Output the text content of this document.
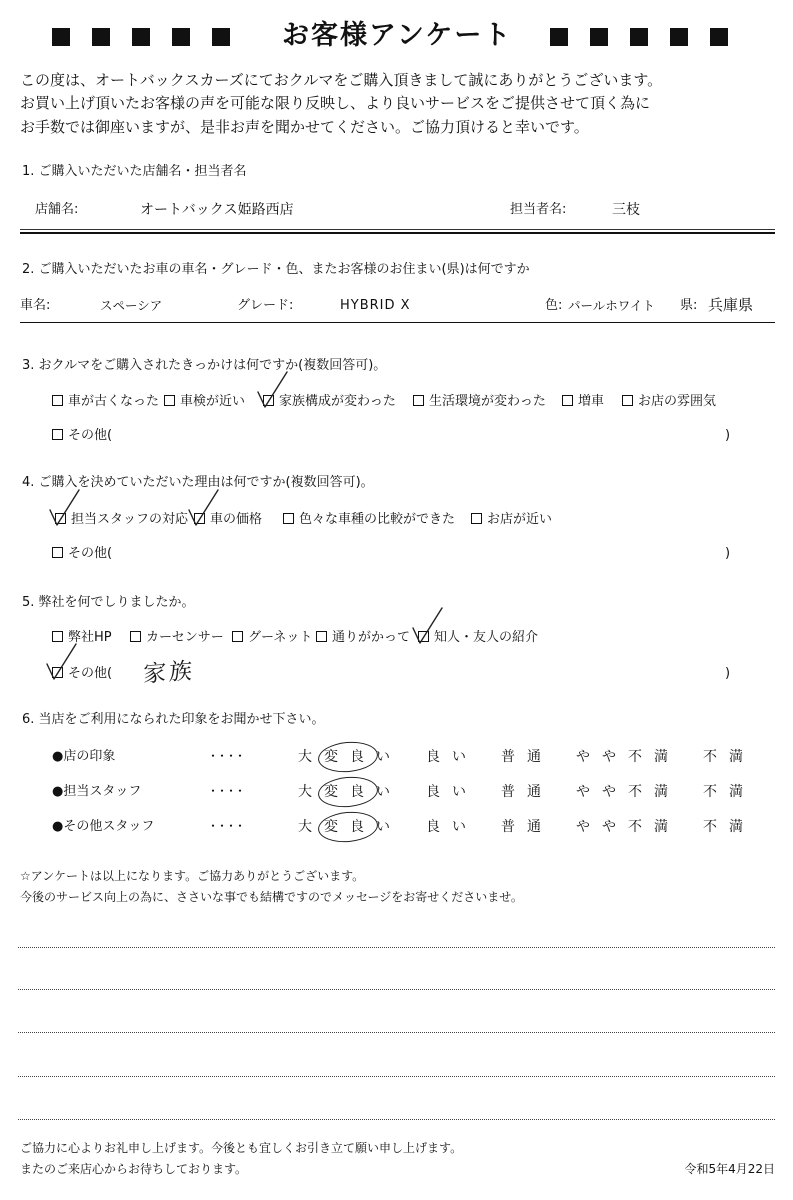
お客様アンケート
この度は、オートバックスカーズにておクルマをご購入頂きまして誠にありがとうございます。
お買い上げ頂いたお客様の声を可能な限り反映し、より良いサービスをご提供させて頂く為に
お手数では御座いますが、是非お声を聞かせてください。ご協力頂けると幸いです。
1. ご購入いただいた店舗名・担当者名
店舗名:	オートバックス姫路西店	担当者名:	三枝
2. ご購入いただいたお車の車名・グレード・色、またお客様のお住まい(県)は何ですか
車名:	スペーシア	グレード:	HYBRID X	色: パールホワイト 県: 兵庫県
3. おクルマをご購入されたきっかけは何ですか(複数回答可)。
車が古くなった	車検が近い	家族構成が変わった	生活環境が変わった	増車	お店の雰囲気
その他(	)
4. ご購入を決めていただいた理由は何ですか(複数回答可)。
担当スタッフの対応	車の価格	色々な車種の比較ができた	お店が近い
その他(	)
5. 弊社を何でしりましたか。
弊社HP	カーセンサー	グーネット	通りがかって	知人・友人の紹介
その他( 家族	)
6. 当店をご利用になられた印象をお聞かせ下さい。
●店の印象	・・・・	大変良い 良い 普通 やや不満 不満
●担当スタッフ	・・・・	大変良い 良い 普通 やや不満 不満
●その他スタッフ	・・・・	大変良い 良い 普通 やや不満 不満
☆アンケートは以上になります。ご協力ありがとうございます。
今後のサービス向上の為に、ささいな事でも結構ですのでメッセージをお寄せくださいませ。
ご協力に心よりお礼申し上げます。今後とも宜しくお引き立て願い申し上げます。
またのご来店心からお待ちしております。	令和5年4月22日
